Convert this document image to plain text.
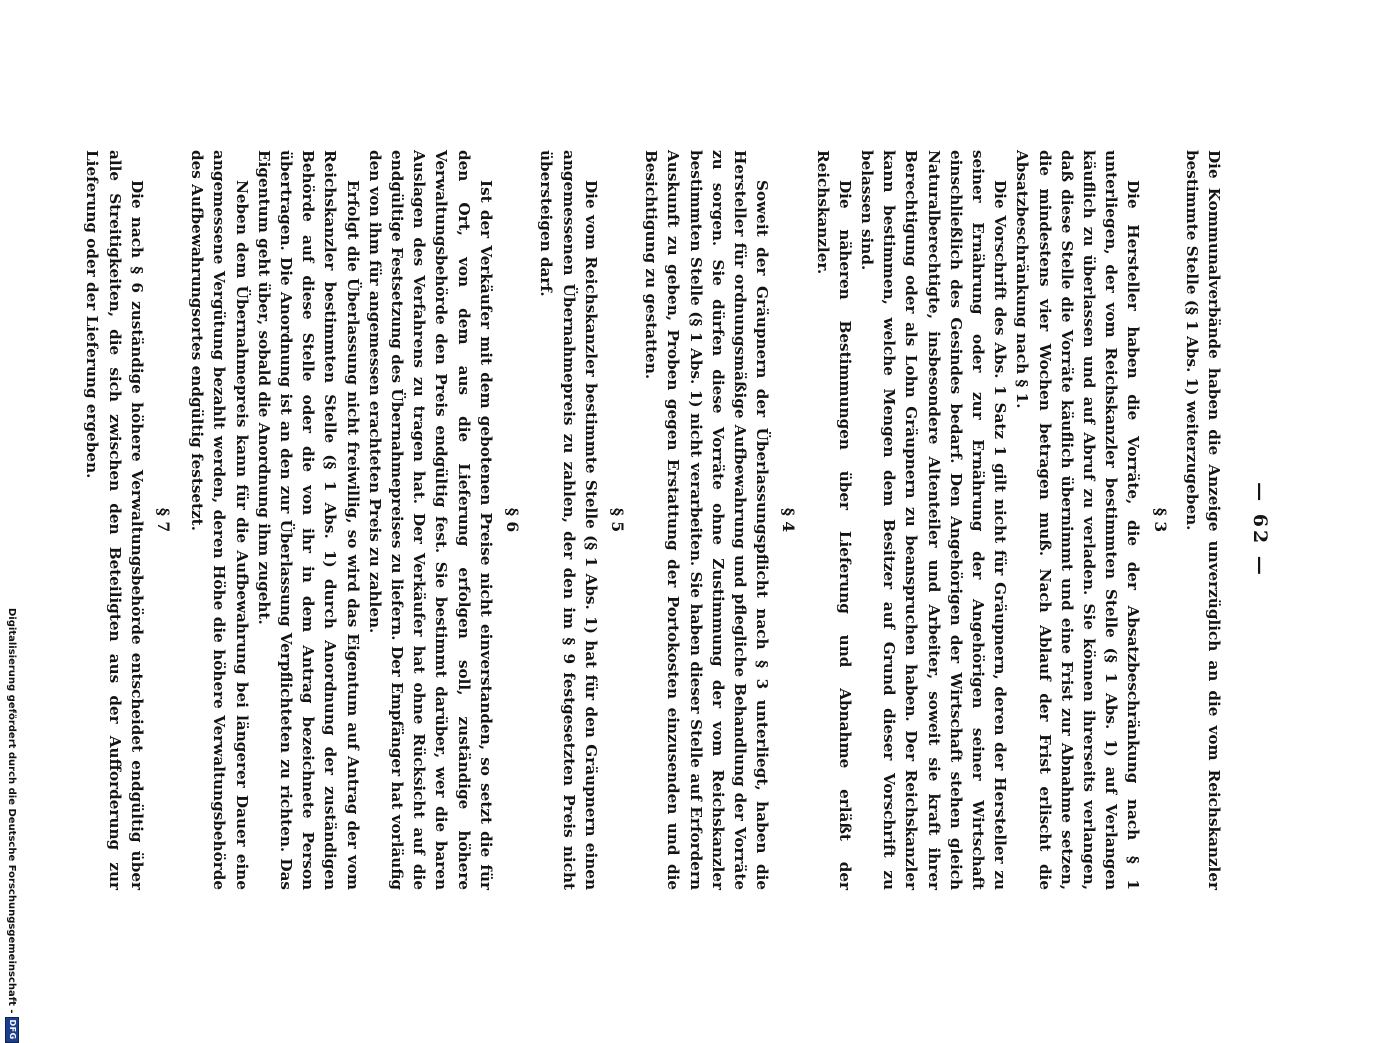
— 62 —

Die Kommunalverbände haben die Anzeige unverzüglich an die vom Reichskanzler bestimmte Stelle (§ 1 Abs. 1) weiterzugeben.

§ 3

Die Hersteller haben die Vorräte, die der Absatzbeschränkung nach § 1 unterliegen, der vom Reichskanzler bestimmten Stelle (§ 1 Abs. 1) auf Verlangen käuflich zu überlassen und auf Abruf zu verladen. Sie können ihrerseits verlangen, daß diese Stelle die Vorräte käuflich übernimmt und eine Frist zur Abnahme setzen, die mindestens vier Wochen betragen muß. Nach Ablauf der Frist erlischt die Absatzbeschränkung nach § 1.

Die Vorschrift des Abs. 1 Satz 1 gilt nicht für Gräupnern, deren der Hersteller zu seiner Ernährung oder zur Ernährung der Angehörigen seiner Wirtschaft einschließlich des Gesindes bedarf. Den Angehörigen der Wirtschaft stehen gleich Naturalberechtigte, insbesondere Altenteiler und Arbeiter, soweit sie kraft ihrer Berechtigung oder als Lohn Gräupnern zu beanspruchen haben. Der Reichskanzler kann bestimmen, welche Mengen dem Besitzer auf Grund dieser Vorschrift zu belassen sind.

Die näheren Bestimmungen über Lieferung und Abnahme erläßt der Reichskanzler.

§ 4

Soweit der Gräupnern der Überlassungspflicht nach § 3 unterliegt, haben die Hersteller für ordnungsmäßige Aufbewahrung und pflegliche Behandlung der Vorräte zu sorgen. Sie dürfen diese Vorräte ohne Zustimmung der vom Reichskanzler bestimmten Stelle (§ 1 Abs. 1) nicht verarbeiten. Sie haben dieser Stelle auf Erfordern Auskunft zu geben, Proben gegen Erstattung der Portokosten einzusenden und die Besichtigung zu gestatten.

§ 5

Die vom Reichskanzler bestimmte Stelle (§ 1 Abs. 1) hat für den Gräupnern einen angemessenen Übernahmepreis zu zahlen, der den im § 9 festgesetzten Preis nicht übersteigen darf.

§ 6

Ist der Verkäufer mit dem gebotenen Preise nicht einverstanden, so setzt die für den Ort, von dem aus die Lieferung erfolgen soll, zuständige höhere Verwaltungsbehörde den Preis endgültig fest. Sie bestimmt darüber, wer die baren Auslagen des Verfahrens zu tragen hat. Der Verkäufer hat ohne Rücksicht auf die endgültige Festsetzung des Übernahmepreises zu liefern. Der Empfänger hat vorläufig den von ihm für angemessen erachteten Preis zu zahlen.

Erfolgt die Überlassung nicht freiwillig, so wird das Eigentum auf Antrag der vom Reichskanzler bestimmten Stelle (§ 1 Abs. 1) durch Anordnung der zuständigen Behörde auf diese Stelle oder die von ihr in dem Antrag bezeichnete Person übertragen. Die Anordnung ist an den zur Überlassung Verpflichteten zu richten. Das Eigentum geht über, sobald die Anordnung ihm zugeht.

Neben dem Übernahmepreis kann für die Aufbewahrung bei längerer Dauer eine angemessene Vergütung bezahlt werden, deren Höhe die höhere Verwaltungsbehörde des Aufbewahrungsortes endgültig festsetzt.

§ 7

Die nach § 6 zuständige höhere Verwaltungsbehörde entscheidet endgültig über alle Streitigkeiten, die sich zwischen den Beteiligten aus der Aufforderung zur Lieferung oder der Lieferung ergeben.

Digitalisierung gefördert durch die Deutsche Forschungsgemeinschaft -
DFG
